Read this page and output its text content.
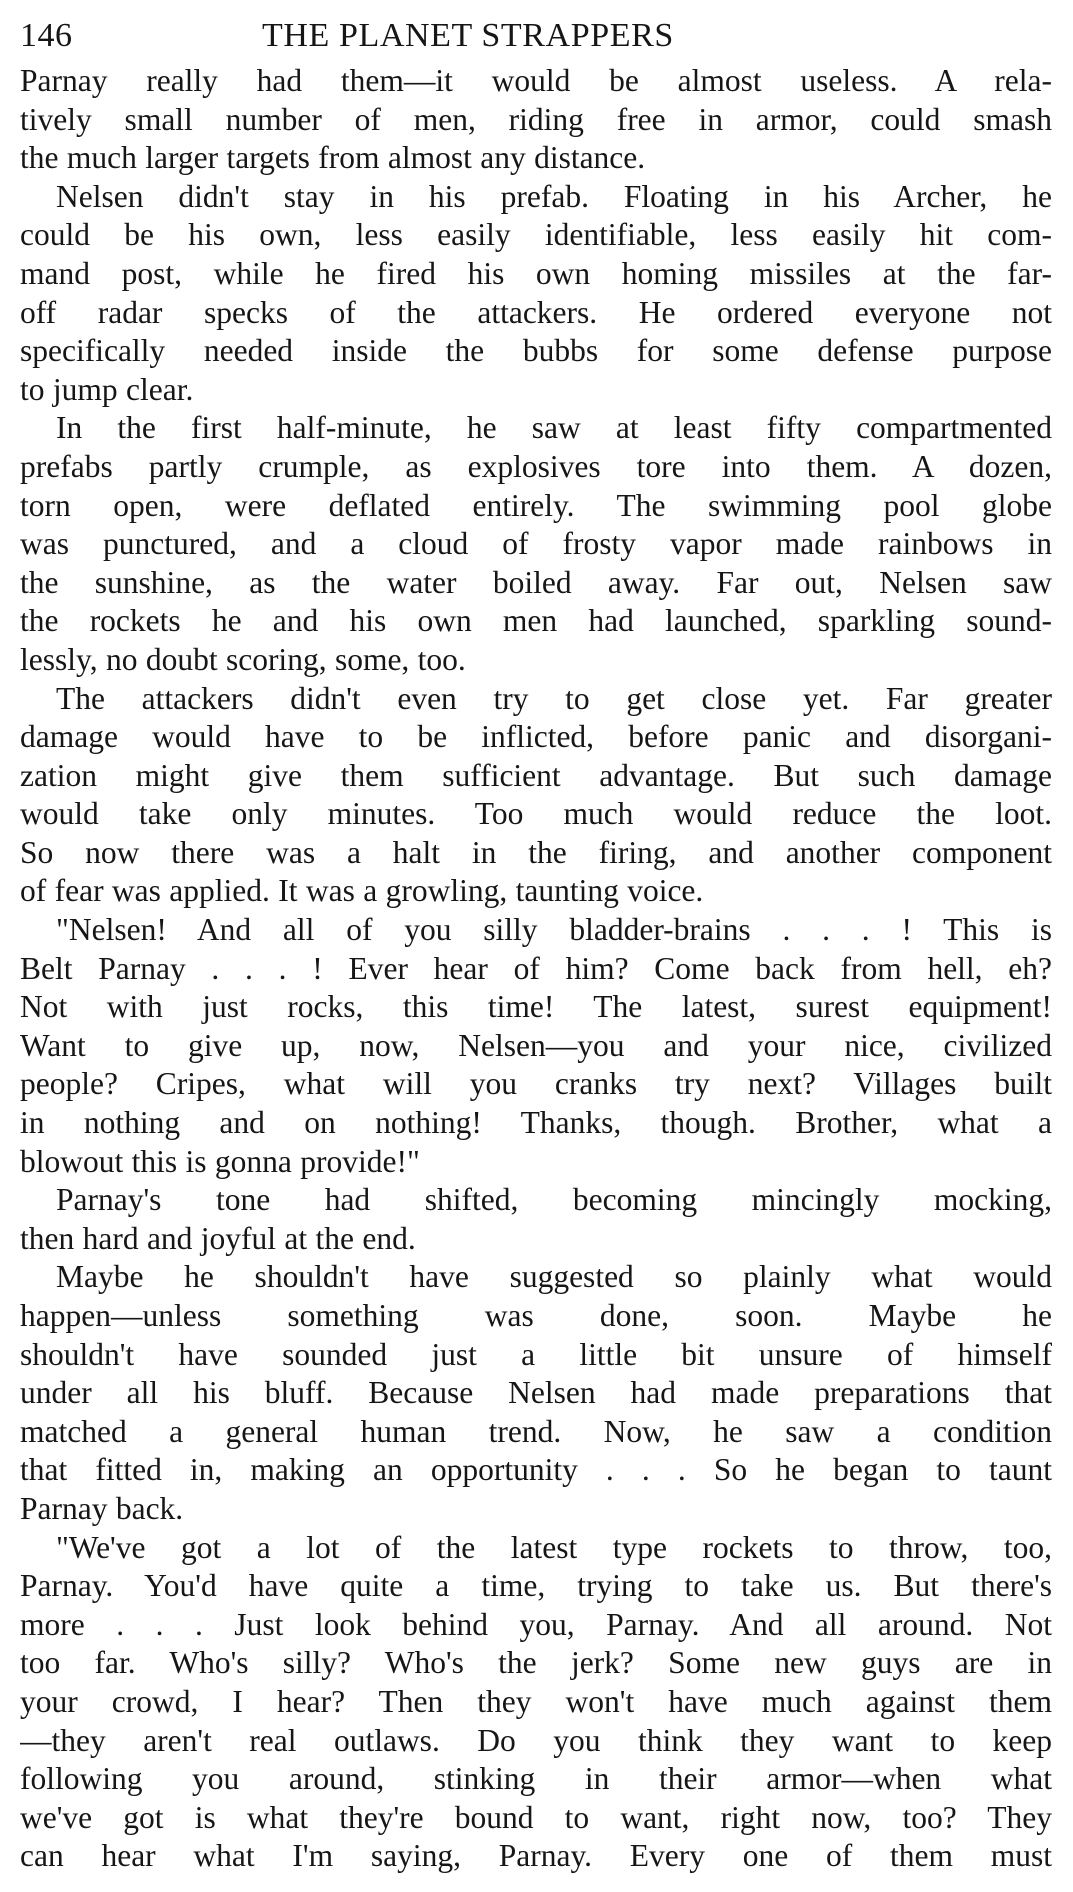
146	THE PLANET STRAPPERS
Parnay really had them—it would be almost useless. A rela-
tively small number of men, riding free in armor, could smash
the much larger targets from almost any distance.
Nelsen didn't stay in his prefab. Floating in his Archer, he
could be his own, less easily identifiable, less easily hit com-
mand post, while he fired his own homing missiles at the far-
off radar specks of the attackers. He ordered everyone not
specifically needed inside the bubbs for some defense purpose
to jump clear.
In the first half-minute, he saw at least fifty compartmented
prefabs partly crumple, as explosives tore into them. A dozen,
torn open, were deflated entirely. The swimming pool globe
was punctured, and a cloud of frosty vapor made rainbows in
the sunshine, as the water boiled away. Far out, Nelsen saw
the rockets he and his own men had launched, sparkling sound-
lessly, no doubt scoring, some, too.
The attackers didn't even try to get close yet. Far greater
damage would have to be inflicted, before panic and disorgani-
zation might give them sufficient advantage. But such damage
would take only minutes. Too much would reduce the loot.
So now there was a halt in the firing, and another component
of fear was applied. It was a growling, taunting voice.
"Nelsen! And all of you silly bladder-brains . . . ! This is
Belt Parnay . . . ! Ever hear of him? Come back from hell, eh?
Not with just rocks, this time! The latest, surest equipment!
Want to give up, now, Nelsen—you and your nice, civilized
people? Cripes, what will you cranks try next? Villages built
in nothing and on nothing! Thanks, though. Brother, what a
blowout this is gonna provide!"
Parnay's tone had shifted, becoming mincingly mocking,
then hard and joyful at the end.
Maybe he shouldn't have suggested so plainly what would
happen—unless something was done, soon. Maybe he
shouldn't have sounded just a little bit unsure of himself
under all his bluff. Because Nelsen had made preparations that
matched a general human trend. Now, he saw a condition
that fitted in, making an opportunity . . . So he began to taunt
Parnay back.
"We've got a lot of the latest type rockets to throw, too,
Parnay. You'd have quite a time, trying to take us. But there's
more . . . Just look behind you, Parnay. And all around. Not
too far. Who's silly? Who's the jerk? Some new guys are in
your crowd, I hear? Then they won't have much against them
—they aren't real outlaws. Do you think they want to keep
following you around, stinking in their armor—when what
we've got is what they're bound to want, right now, too? They
can hear what I'm saying, Parnay. Every one of them must
